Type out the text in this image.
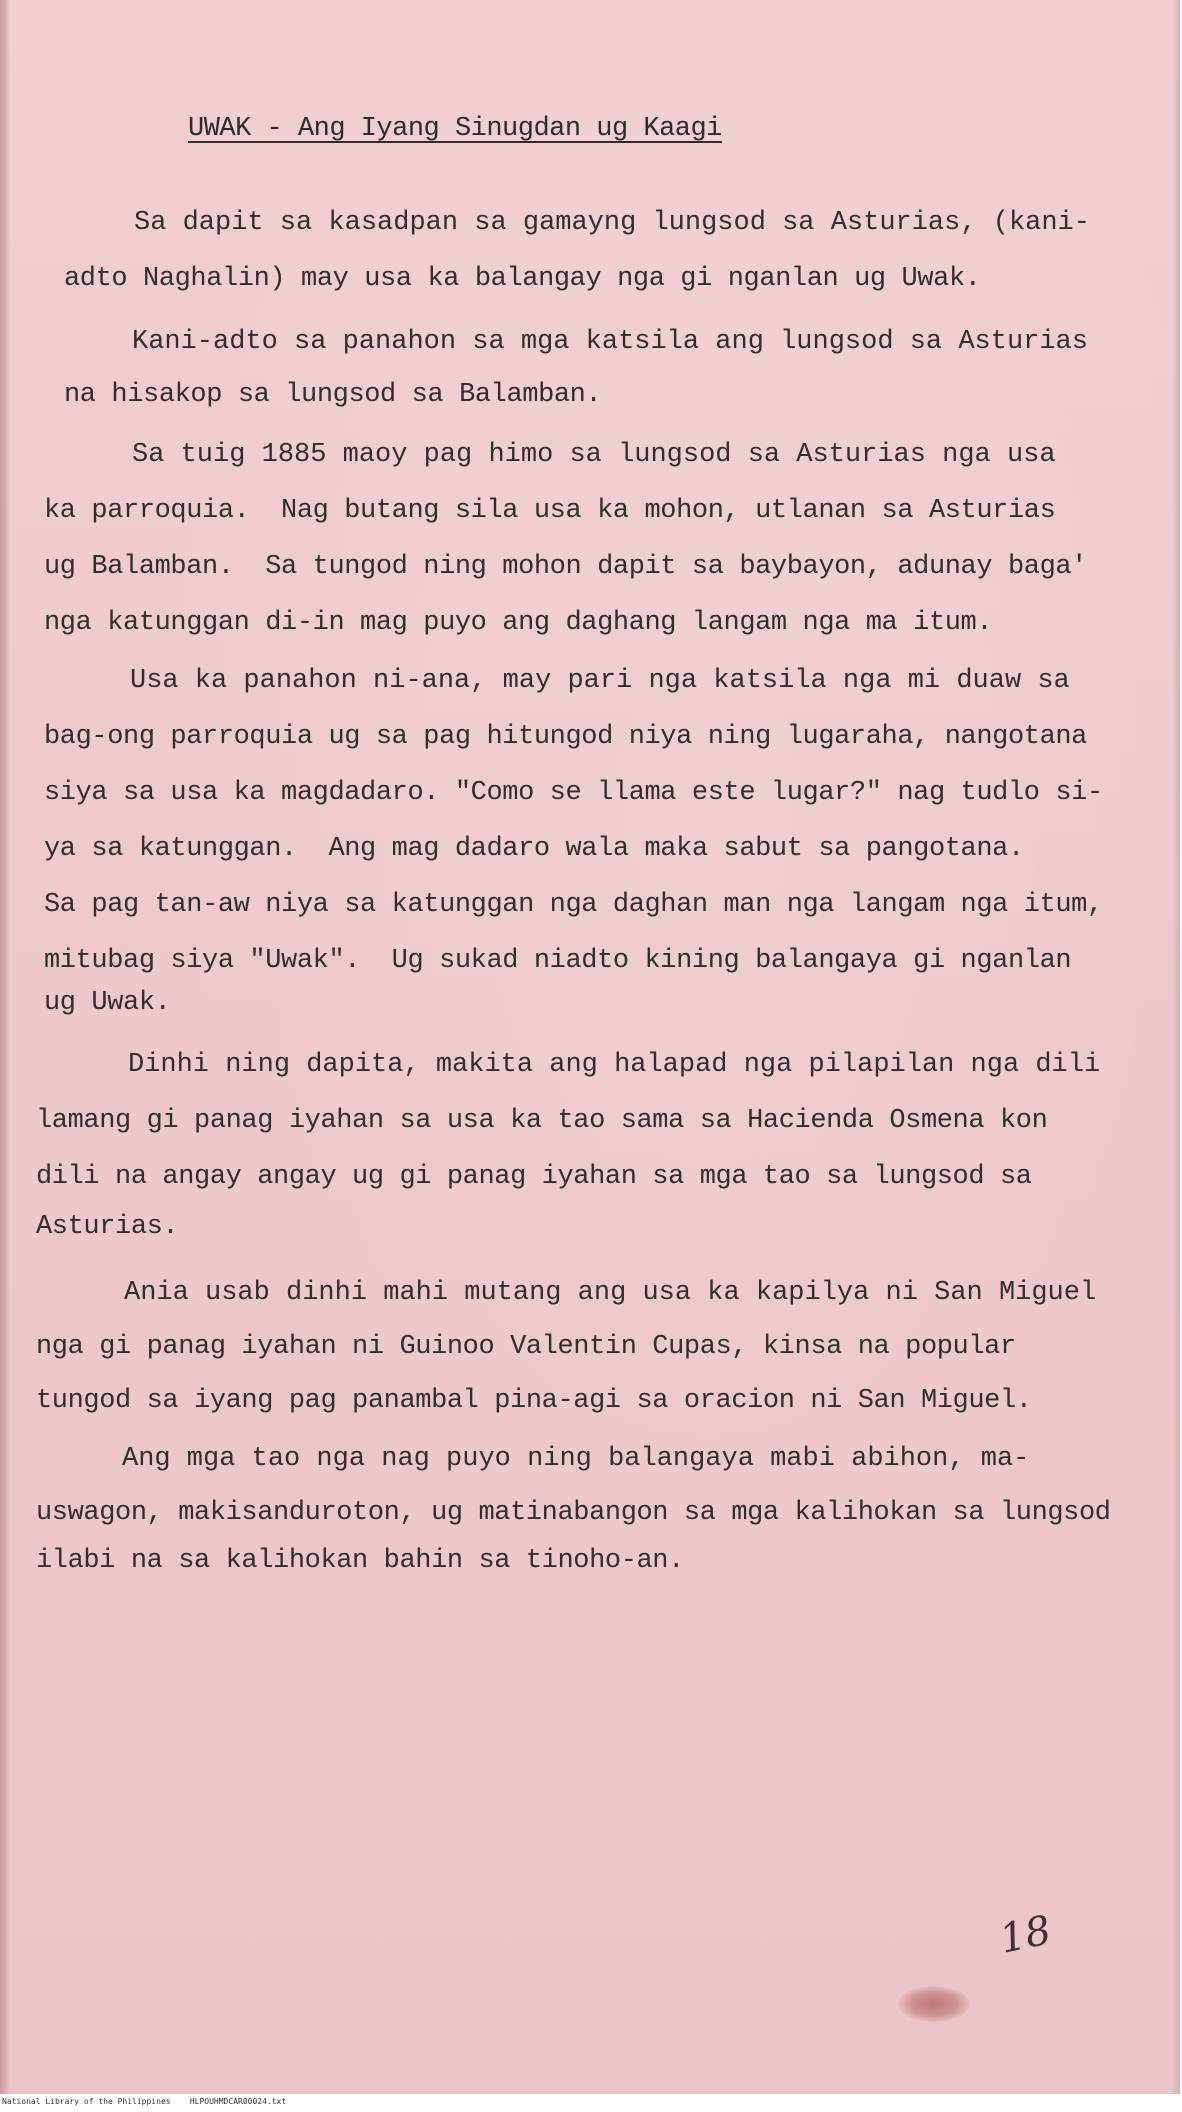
UWAK - Ang Iyang Sinugdan ug Kaagi
Sa dapit sa kasadpan sa gamayng lungsod sa Asturias, (kani-
adto Naghalin) may usa ka balangay nga gi nganlan ug Uwak.
Kani-adto sa panahon sa mga katsila ang lungsod sa Asturias
na hisakop sa lungsod sa Balamban.
Sa tuig 1885 maoy pag himo sa lungsod sa Asturias nga usa
ka parroquia.  Nag butang sila usa ka mohon, utlanan sa Asturias
ug Balamban.  Sa tungod ning mohon dapit sa baybayon, adunay baga'
nga katunggan di-in mag puyo ang daghang langam nga ma itum.
Usa ka panahon ni-ana, may pari nga katsila nga mi duaw sa
bag-ong parroquia ug sa pag hitungod niya ning lugaraha, nangotana
siya sa usa ka magdadaro. "Como se llama este lugar?" nag tudlo si-
ya sa katunggan.  Ang mag dadaro wala maka sabut sa pangotana.
Sa pag tan-aw niya sa katunggan nga daghan man nga langam nga itum,
mitubag siya "Uwak".  Ug sukad niadto kining balangaya gi nganlan
ug Uwak.
Dinhi ning dapita, makita ang halapad nga pilapilan nga dili
lamang gi panag iyahan sa usa ka tao sama sa Hacienda Osmena kon
dili na angay angay ug gi panag iyahan sa mga tao sa lungsod sa
Asturias.
Ania usab dinhi mahi mutang ang usa ka kapilya ni San Miguel
nga gi panag iyahan ni Guinoo Valentin Cupas, kinsa na popular
tungod sa iyang pag panambal pina-agi sa oracion ni San Miguel.
Ang mga tao nga nag puyo ning balangaya mabi abihon, ma-
uswagon, makisanduroton, ug matinabangon sa mga kalihokan sa lungsod
ilabi na sa kalihokan bahin sa tinoho-an.
18
National Library of the Philippines    HLPOUHMDCAR00024.txt
